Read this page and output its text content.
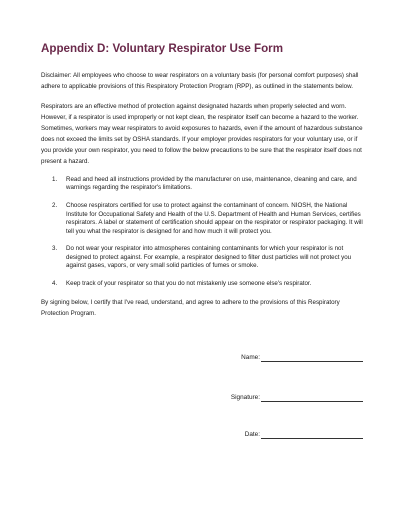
Appendix D: Voluntary Respirator Use Form

Disclaimer: All employees who choose to wear respirators on a voluntary basis (for personal comfort purposes) shall adhere to applicable provisions of this Respiratory Protection Program (RPP), as outlined in the statements below.

Respirators are an effective method of protection against designated hazards when properly selected and worn. However, if a respirator is used improperly or not kept clean, the respirator itself can become a hazard to the worker. Sometimes, workers may wear respirators to avoid exposures to hazards, even if the amount of hazardous substance does not exceed the limits set by OSHA standards. If your employer provides respirators for your voluntary use, or if you provide your own respirator, you need to follow the below precautions to be sure that the respirator itself does not present a hazard.

1. Read and heed all instructions provided by the manufacturer on use, maintenance, cleaning and care, and warnings regarding the respirator's limitations.
2. Choose respirators certified for use to protect against the contaminant of concern. NIOSH, the National Institute for Occupational Safety and Health of the U.S. Department of Health and Human Services, certifies respirators. A label or statement of certification should appear on the respirator or respirator packaging. It will tell you what the respirator is designed for and how much it will protect you.
3. Do not wear your respirator into atmospheres containing contaminants for which your respirator is not designed to protect against. For example, a respirator designed to filter dust particles will not protect you against gases, vapors, or very small solid particles of fumes or smoke.
4. Keep track of your respirator so that you do not mistakenly use someone else's respirator.

By signing below, I certify that I've read, understand, and agree to adhere to the provisions of this Respiratory Protection Program.

Name:
Signature:
Date:
